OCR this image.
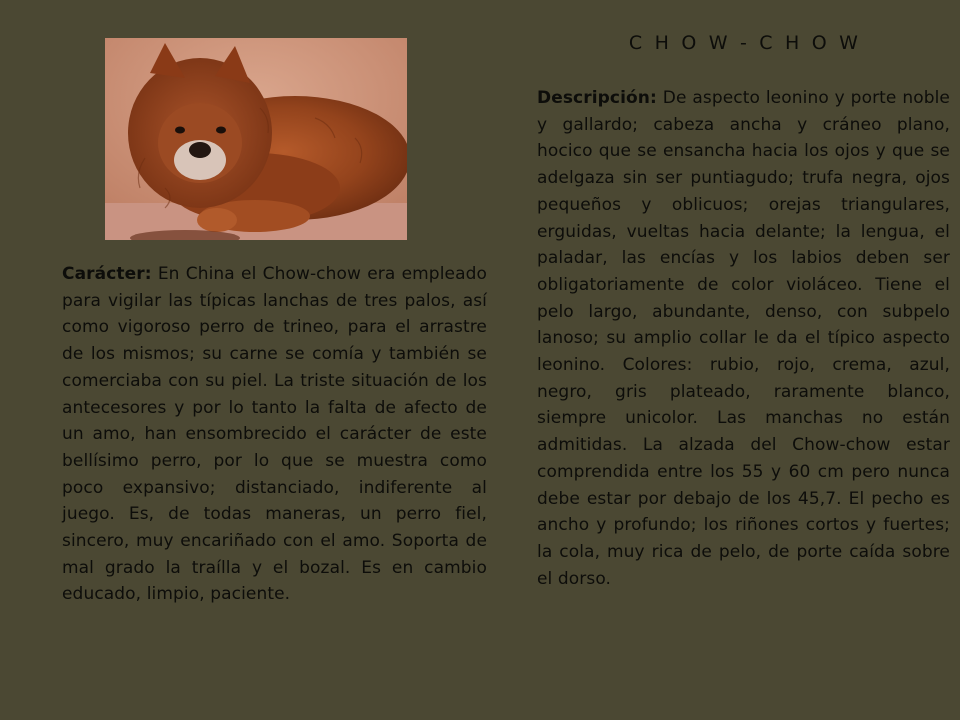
C H O W - C H O W

Descripción: De aspecto leonino y porte noble y gallardo; cabeza ancha y cráneo plano, hocico que se ensancha hacia los ojos y que se adelgaza sin ser puntiagudo; trufa negra, ojos pequeños y oblicuos; orejas triangulares, erguidas, vueltas hacia delante; la lengua, el paladar, las encías y los labios deben ser obligatoriamente de color violáceo. Tiene el pelo largo, abundante, denso, con subpelo lanoso; su amplio collar le da el típico aspecto leonino. Colores: rubio, rojo, crema, azul, negro, gris plateado, raramente blanco, siempre unicolor. Las manchas no están admitidas. La alzada del Chow-chow estar comprendida entre los 55 y 60 cm pero nunca debe estar por debajo de los 45,7. El pecho es ancho y profundo; los riñones cortos y fuertes; la cola, muy rica de pelo, de porte caída sobre el dorso.

Carácter: En China el Chow-chow era empleado para vigilar las típicas lanchas de tres palos, así como vigoroso perro de trineo, para el arrastre de los mismos; su carne se comía y también se comerciaba con su piel. La triste situación de los antecesores y por lo tanto la falta de afecto de un amo, han ensombrecido el carácter de este bellísimo perro, por lo que se muestra como poco expansivo; distanciado, indiferente al juego. Es, de todas maneras, un perro fiel, sincero, muy encariñado con el amo. Soporta de mal grado la traílla y el bozal. Es en cambio educado, limpio, paciente.
